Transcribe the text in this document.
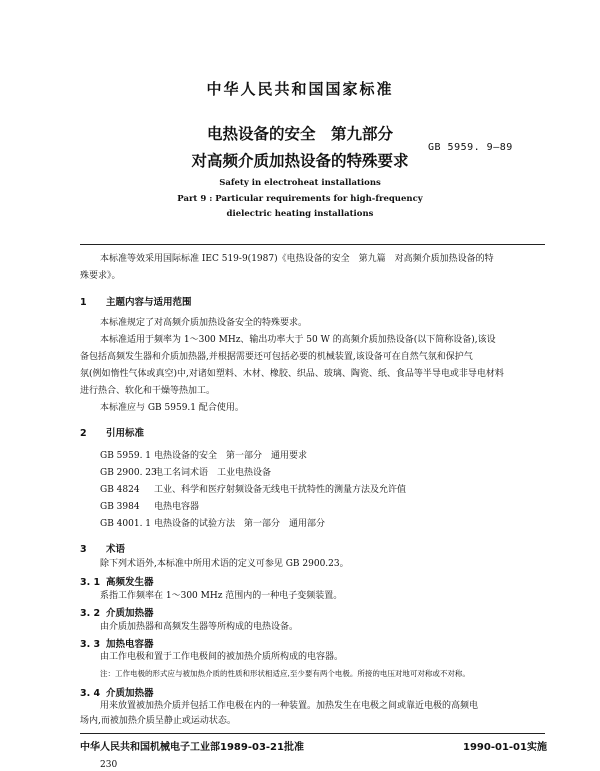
中华人民共和国国家标准
电热设备的安全　第九部分
对高频介质加热设备的特殊要求
GB 5959. 9—89
Safety in electroheat installations
Part 9 : Particular requirements for high-frequency
dielectric heating installations
本标准等效采用国际标准 IEC 519-9(1987)《电热设备的安全　第九篇　对高频介质加热设备的特
殊要求》。
1 主题内容与适用范围
本标准规定了对高频介质加热设备安全的特殊要求。
本标准适用于频率为 1～300 MHz、输出功率大于 50 W 的高频介质加热设备(以下简称设备),该设
备包括高频发生器和介质加热器,并根据需要还可包括必要的机械装置,该设备可在自然气氛和保护气
氛(例如惰性气体或真空)中,对诸如塑料、木材、橡胶、织品、玻璃、陶瓷、纸、食品等半导电或非导电材料
进行热合、软化和干燥等热加工。
本标准应与 GB 5959.1 配合使用。
2 引用标准
GB 5959. 1 电热设备的安全　第一部分　通用要求
GB 2900. 23电工名词术语　工业电热设备
GB 4824 工业、科学和医疗射频设备无线电干扰特性的测量方法及允许值
GB 3984 电热电容器
GB 4001. 1 电热设备的试验方法　第一部分　通用部分
3 术语
除下列术语外,本标准中所用术语的定义可参见 GB 2900.23。
3. 1 高频发生器
系指工作频率在 1～300 MHz 范围内的一种电子变频装置。
3. 2 介质加热器
由介质加热器和高频发生器等所构成的电热设备。
3. 3 加热电容器
由工作电极和置于工作电极间的被加热介质所构成的电容器。
注：工作电极的形式应与被加热介质的性质和形状相适应,至少要有两个电极。所接的电压对地可对称或不对称。
3. 4 介质加热器
用来放置被加热介质并包括工作电极在内的一种装置。加热发生在电极之间或靠近电极的高频电
场内,而被加热介质呈静止或运动状态。
中华人民共和国机械电子工业部1989-03-21批准	1990-01-01实施
230
